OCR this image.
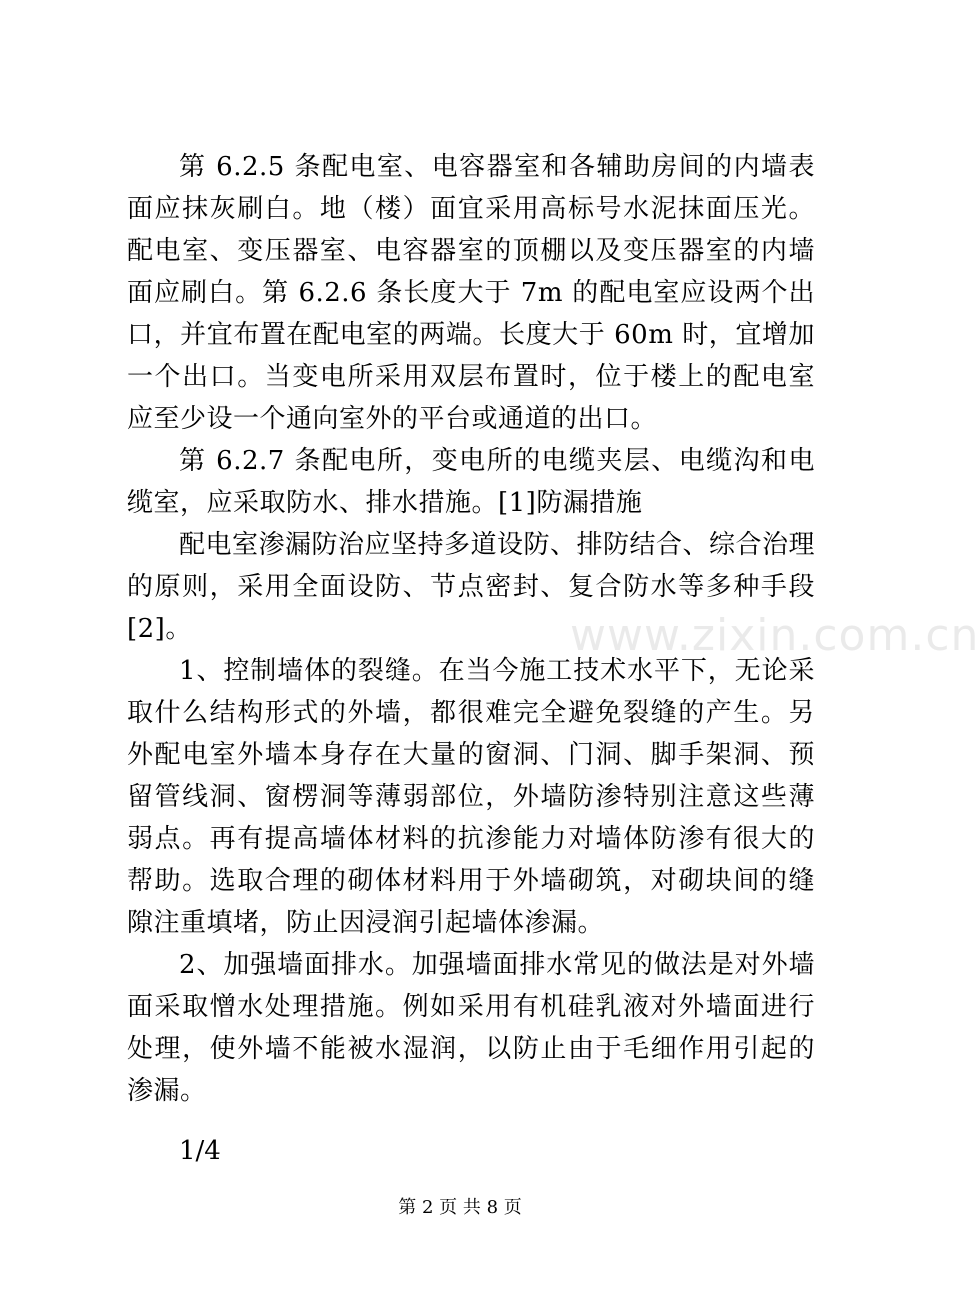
第 6.2.5 条配电室、电容器室和各辅助房间的内墙表面应抹灰刷白。地（楼）面宜采用高标号水泥抹面压光。配电室、变压器室、电容器室的顶棚以及变压器室的内墙面应刷白。第 6.2.6 条长度大于 7m 的配电室应设两个出口，并宜布置在配电室的两端。长度大于 60m 时，宜增加一个出口。当变电所采用双层布置时，位于楼上的配电室应至少设一个通向室外的平台或通道的出口。

第 6.2.7 条配电所，变电所的电缆夹层、电缆沟和电缆室，应采取防水、排水措施。[1]防漏措施

配电室渗漏防治应坚持多道设防、排防结合、综合治理的原则，采用全面设防、节点密封、复合防水等多种手段[2]。

1、控制墙体的裂缝。在当今施工技术水平下，无论采取什么结构形式的外墙，都很难完全避免裂缝的产生。另外配电室外墙本身存在大量的窗洞、门洞、脚手架洞、预留管线洞、窗楞洞等薄弱部位，外墙防渗特别注意这些薄弱点。再有提高墙体材料的抗渗能力对墙体防渗有很大的帮助。选取合理的砌体材料用于外墙砌筑，对砌块间的缝隙注重填堵，防止因浸润引起墙体渗漏。

2、加强墙面排水。加强墙面排水常见的做法是对外墙面采取憎水处理措施。例如采用有机硅乳液对外墙面进行处理，使外墙不能被水湿润，以防止由于毛细作用引起的渗漏。

1/4

www.zixin.com.cn
第 2 页 共 8 页
